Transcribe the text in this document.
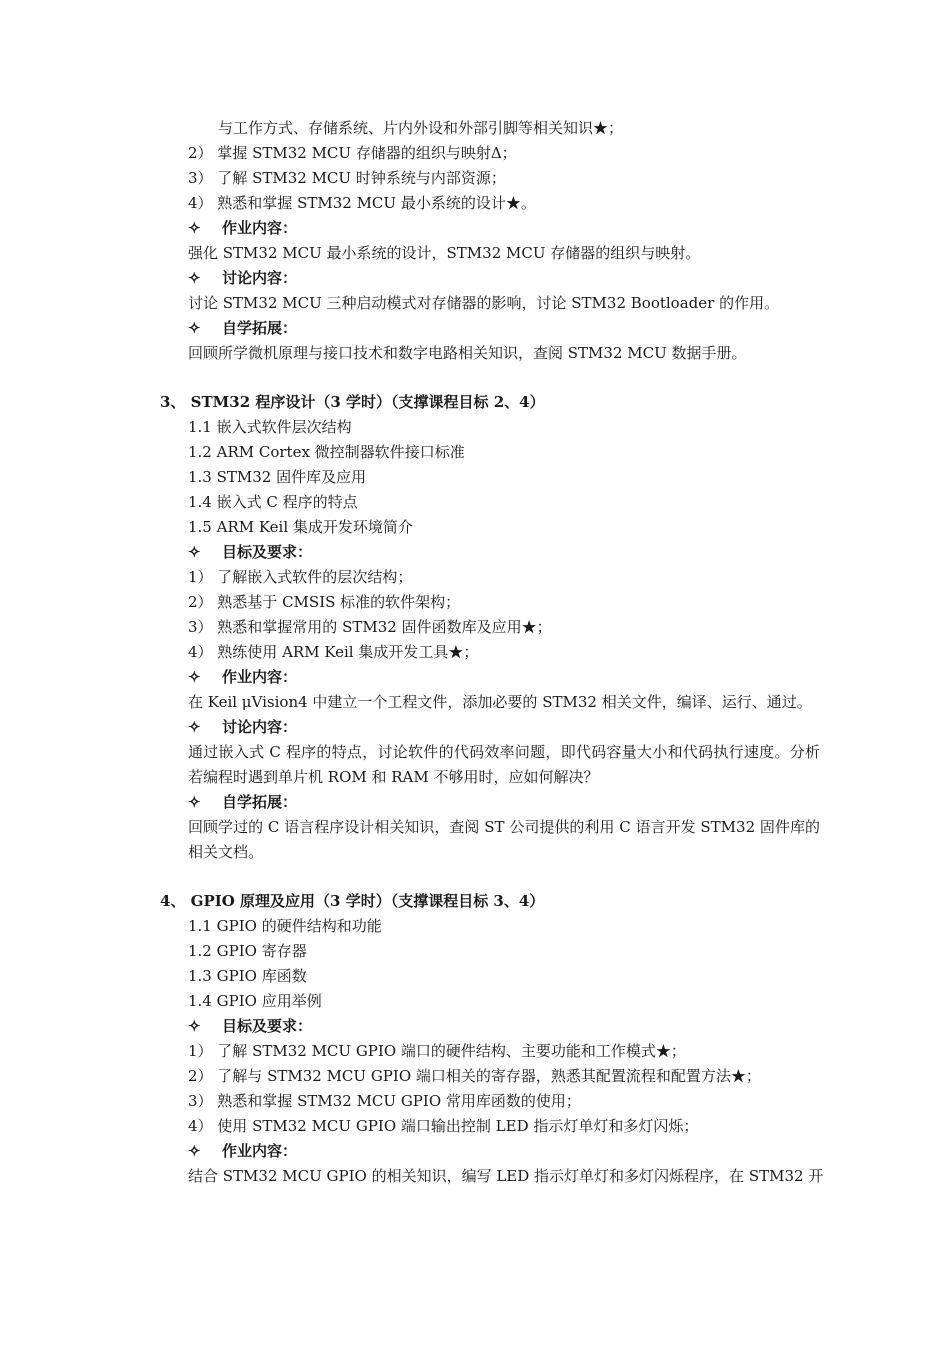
与工作方式、存储系统、片内外设和外部引脚等相关知识★；
2） 掌握 STM32 MCU 存储器的组织与映射Δ；
3） 了解 STM32 MCU 时钟系统与内部资源；
4） 熟悉和掌握 STM32 MCU 最小系统的设计★。
✧ 作业内容：
强化 STM32 MCU 最小系统的设计，STM32 MCU 存储器的组织与映射。
✧ 讨论内容：
讨论 STM32 MCU 三种启动模式对存储器的影响，讨论 STM32 Bootloader 的作用。
✧ 自学拓展：
回顾所学微机原理与接口技术和数字电路相关知识，查阅 STM32 MCU 数据手册。
3、 STM32 程序设计（3 学时）（支撑课程目标 2、4）
1.1 嵌入式软件层次结构
1.2 ARM Cortex 微控制器软件接口标准
1.3 STM32 固件库及应用
1.4 嵌入式 C 程序的特点
1.5 ARM Keil 集成开发环境简介
✧ 目标及要求：
1） 了解嵌入式软件的层次结构；
2） 熟悉基于 CMSIS 标准的软件架构；
3） 熟悉和掌握常用的 STM32 固件函数库及应用★；
4） 熟练使用 ARM Keil 集成开发工具★；
✧ 作业内容：
在 Keil μVision4 中建立一个工程文件，添加必要的 STM32 相关文件，编译、运行、通过。
✧ 讨论内容：
通过嵌入式 C 程序的特点，讨论软件的代码效率问题，即代码容量大小和代码执行速度。分析若编程时遇到单片机 ROM 和 RAM 不够用时，应如何解决？
✧ 自学拓展：
回顾学过的 C 语言程序设计相关知识，查阅 ST 公司提供的利用 C 语言开发 STM32 固件库的相关文档。
4、 GPIO 原理及应用（3 学时）（支撑课程目标 3、4）
1.1 GPIO 的硬件结构和功能
1.2 GPIO 寄存器
1.3 GPIO 库函数
1.4 GPIO 应用举例
✧ 目标及要求：
1） 了解 STM32 MCU GPIO 端口的硬件结构、主要功能和工作模式★；
2） 了解与 STM32 MCU GPIO 端口相关的寄存器，熟悉其配置流程和配置方法★；
3） 熟悉和掌握 STM32 MCU GPIO 常用库函数的使用；
4） 使用 STM32 MCU GPIO 端口输出控制 LED 指示灯单灯和多灯闪烁；
✧ 作业内容：
结合 STM32 MCU GPIO 的相关知识，编写 LED 指示灯单灯和多灯闪烁程序，在 STM32 开
